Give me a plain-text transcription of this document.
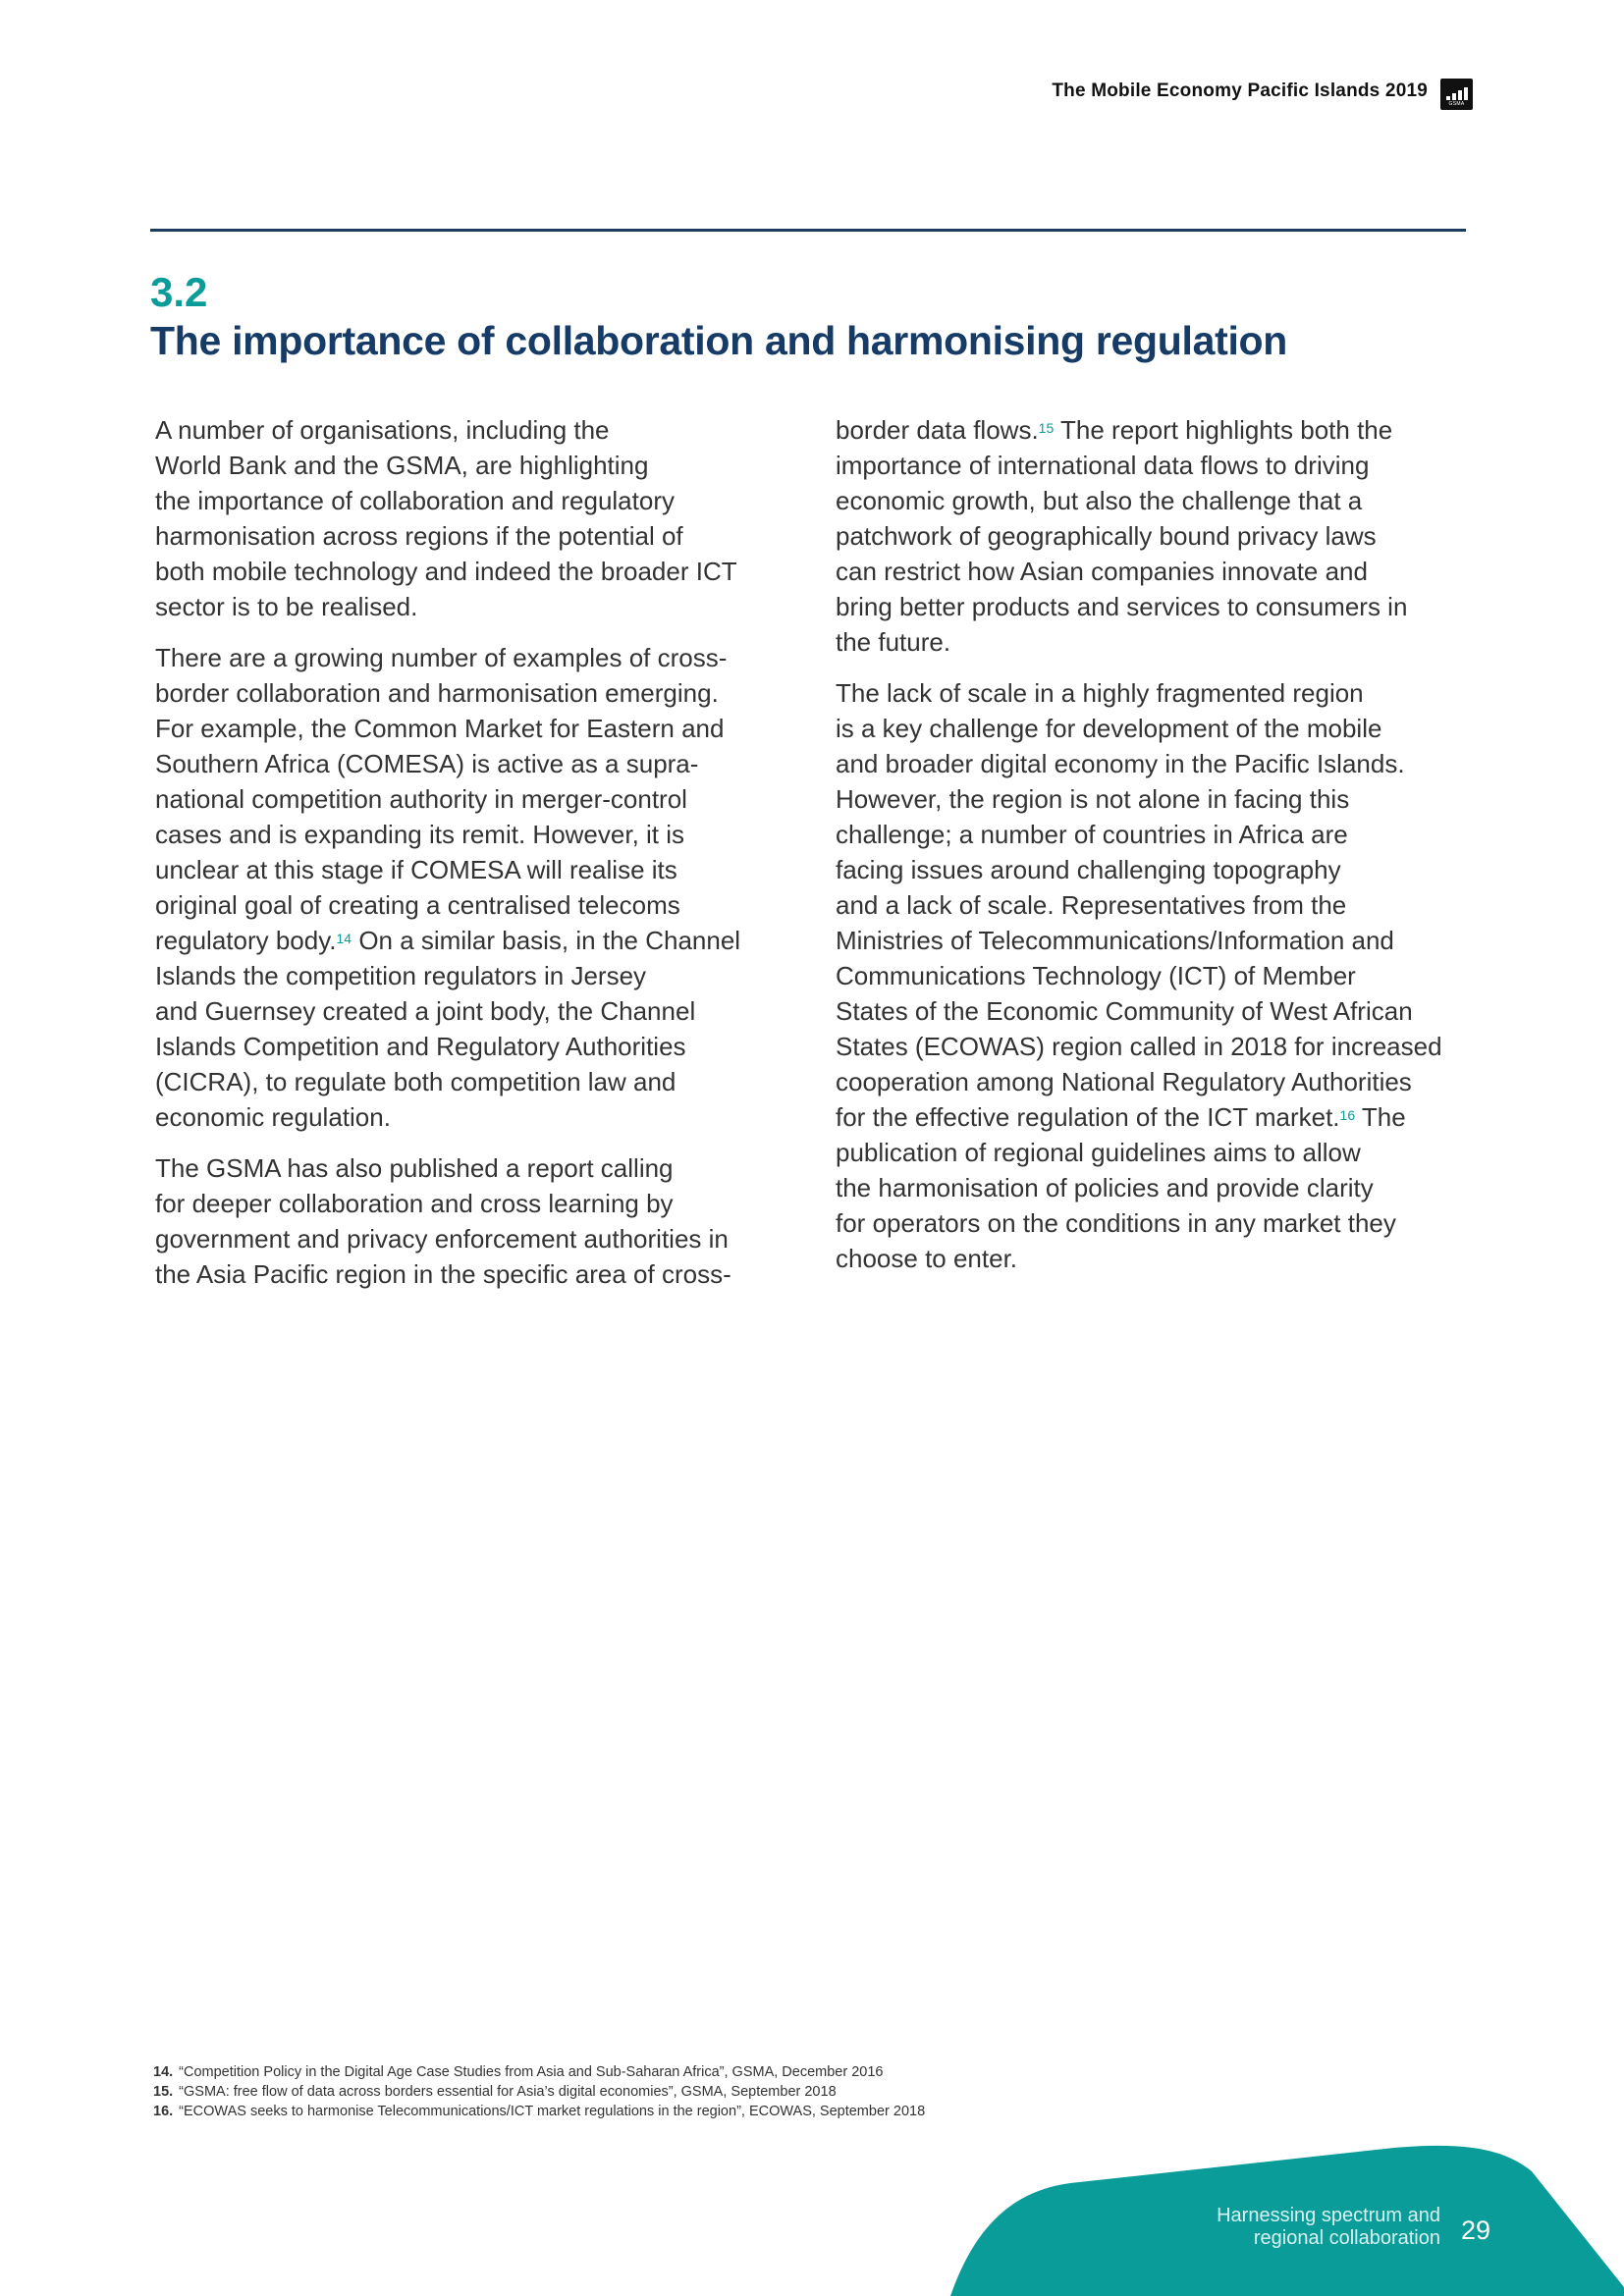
The Mobile Economy Pacific Islands 2019
GSMA
3.2
The importance of collaboration and harmonising regulation

A number of organisations, including the
World Bank and the GSMA, are highlighting
the importance of collaboration and regulatory
harmonisation across regions if the potential of
both mobile technology and indeed the broader ICT
sector is to be realised.

There are a growing number of examples of cross-
border collaboration and harmonisation emerging.
For example, the Common Market for Eastern and
Southern Africa (COMESA) is active as a supra-
national competition authority in merger-control
cases and is expanding its remit. However, it is
unclear at this stage if COMESA will realise its
original goal of creating a centralised telecoms
regulatory body.$^{14}$ On a similar basis, in the Channel
Islands the competition regulators in Jersey
and Guernsey created a joint body, the Channel
Islands Competition and Regulatory Authorities
(CICRA), to regulate both competition law and
economic regulation.

The GSMA has also published a report calling
for deeper collaboration and cross learning by
government and privacy enforcement authorities in
the Asia Pacific region in the specific area of cross-

border data flows.$^{15}$ The report highlights both the
importance of international data flows to driving
economic growth, but also the challenge that a
patchwork of geographically bound privacy laws
can restrict how Asian companies innovate and
bring better products and services to consumers in
the future.

The lack of scale in a highly fragmented region
is a key challenge for development of the mobile
and broader digital economy in the Pacific Islands.
However, the region is not alone in facing this
challenge; a number of countries in Africa are
facing issues around challenging topography
and a lack of scale. Representatives from the
Ministries of Telecommunications/Information and
Communications Technology (ICT) of Member
States of the Economic Community of West African
States (ECOWAS) region called in 2018 for increased
cooperation among National Regulatory Authorities
for the effective regulation of the ICT market.$^{16}$ The
publication of regional guidelines aims to allow
the harmonisation of policies and provide clarity
for operators on the conditions in any market they
choose to enter.

14. “Competition Policy in the Digital Age Case Studies from Asia and Sub-Saharan Africa”, GSMA, December 2016
15. “GSMA: free flow of data across borders essential for Asia’s digital economies”, GSMA, September 2018
16. “ECOWAS seeks to harmonise Telecommunications/ICT market regulations in the region”, ECOWAS, September 2018
Harnessing spectrum and
regional collaboration 29
